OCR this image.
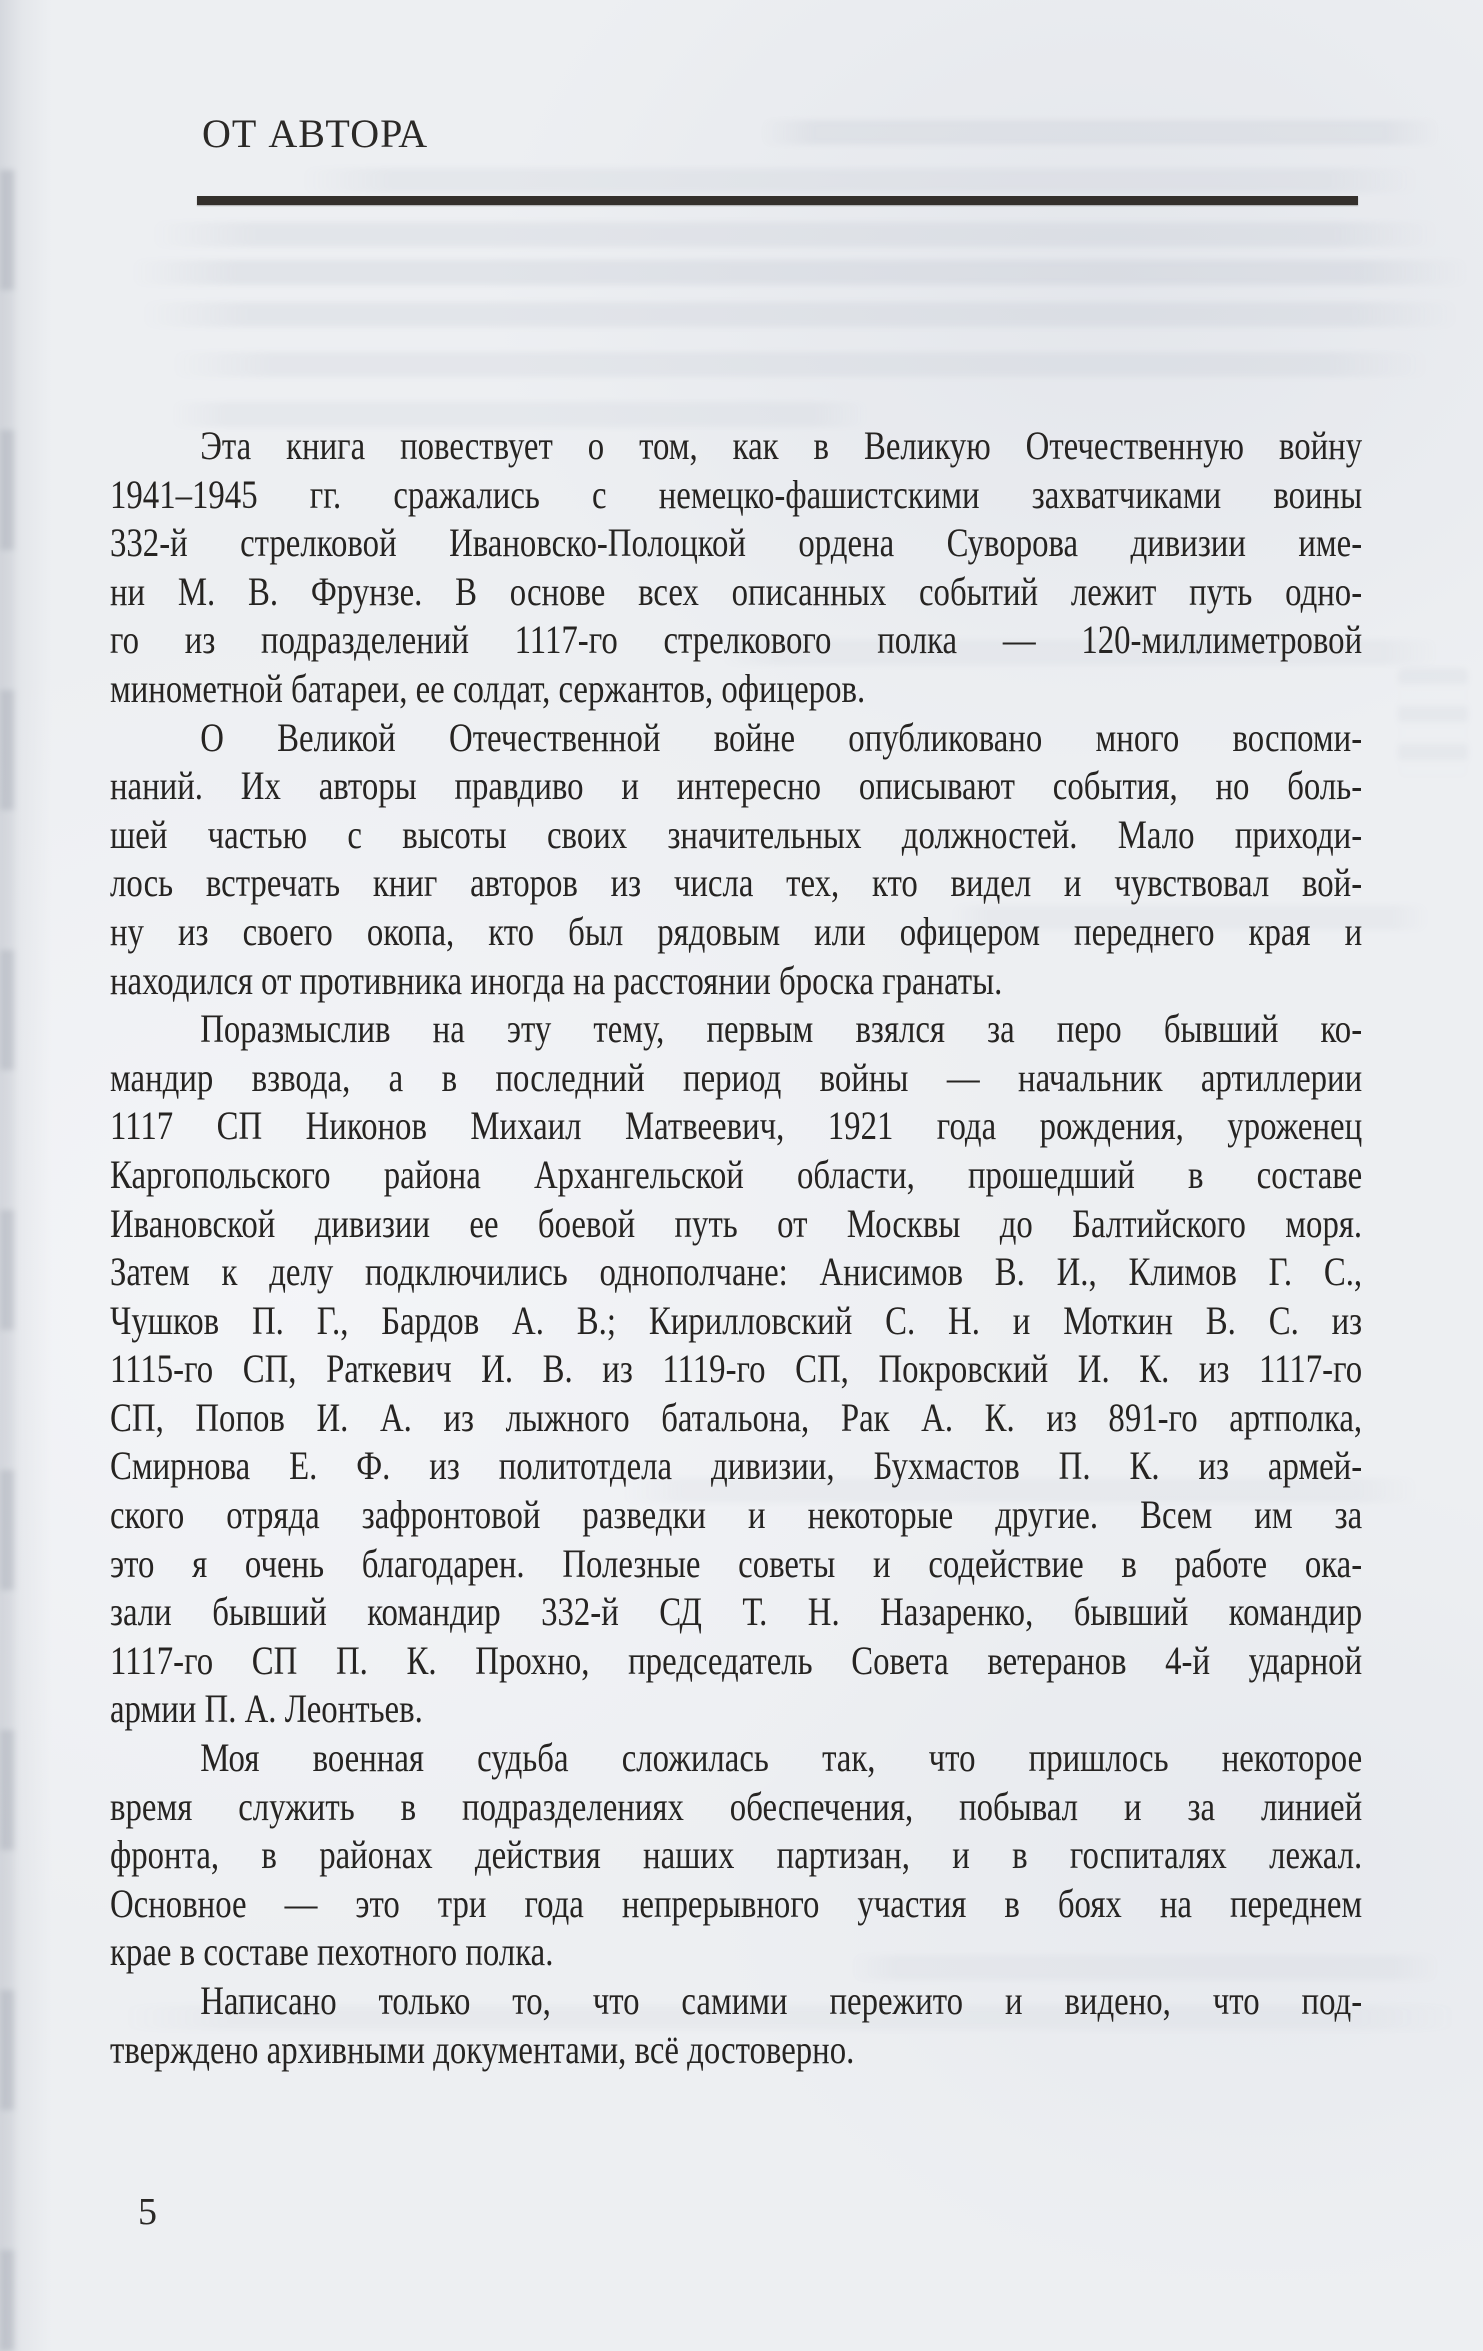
ОТ АВТОРА
Эта книга повествует о том, как в Великую Отечественную войну
1941–1945 гг. сражались с немецко-фашистскими захватчиками воины
332-й стрелковой Ивановско-Полоцкой ордена Суворова дивизии име-
ни М. В. Фрунзе. В основе всех описанных событий лежит путь одно-
го из подразделений 1117-го стрелкового полка — 120-миллиметровой
минометной батареи, ее солдат, сержантов, офицеров.
О Великой Отечественной войне опубликовано много воспоми-
наний. Их авторы правдиво и интересно описывают события, но боль-
шей частью с высоты своих значительных должностей. Мало приходи-
лось встречать книг авторов из числа тех, кто видел и чувствовал вой-
ну из своего окопа, кто был рядовым или офицером переднего края и
находился от противника иногда на расстоянии броска гранаты.
Поразмыслив на эту тему, первым взялся за перо бывший ко-
мандир взвода, а в последний период войны — начальник артиллерии
1117 СП Никонов Михаил Матвеевич, 1921 года рождения, уроженец
Каргопольского района Архангельской области, прошедший в составе
Ивановской дивизии ее боевой путь от Москвы до Балтийского моря.
Затем к делу подключились однополчане: Анисимов В. И., Климов Г. С.,
Чушков П. Г., Бардов А. В.; Кирилловский С. Н. и Моткин В. С. из
1115-го СП, Раткевич И. В. из 1119-го СП, Покровский И. К. из 1117-го
СП, Попов И. А. из лыжного батальона, Рак А. К. из 891-го артполка,
Смирнова Е. Ф. из политотдела дивизии, Бухмастов П. К. из армей-
ского отряда зафронтовой разведки и некоторые другие. Всем им за
это я очень благодарен. Полезные советы и содействие в работе ока-
зали бывший командир 332-й СД Т. Н. Назаренко, бывший командир
1117-го СП П. К. Прохно, председатель Совета ветеранов 4-й ударной
армии П. А. Леонтьев.
Моя военная судьба сложилась так, что пришлось некоторое
время служить в подразделениях обеспечения, побывал и за линией
фронта, в районах действия наших партизан, и в госпиталях лежал.
Основное — это три года непрерывного участия в боях на переднем
крае в составе пехотного полка.
Написано только то, что самими пережито и видено, что под-
тверждено архивными документами, всё достоверно.
5
